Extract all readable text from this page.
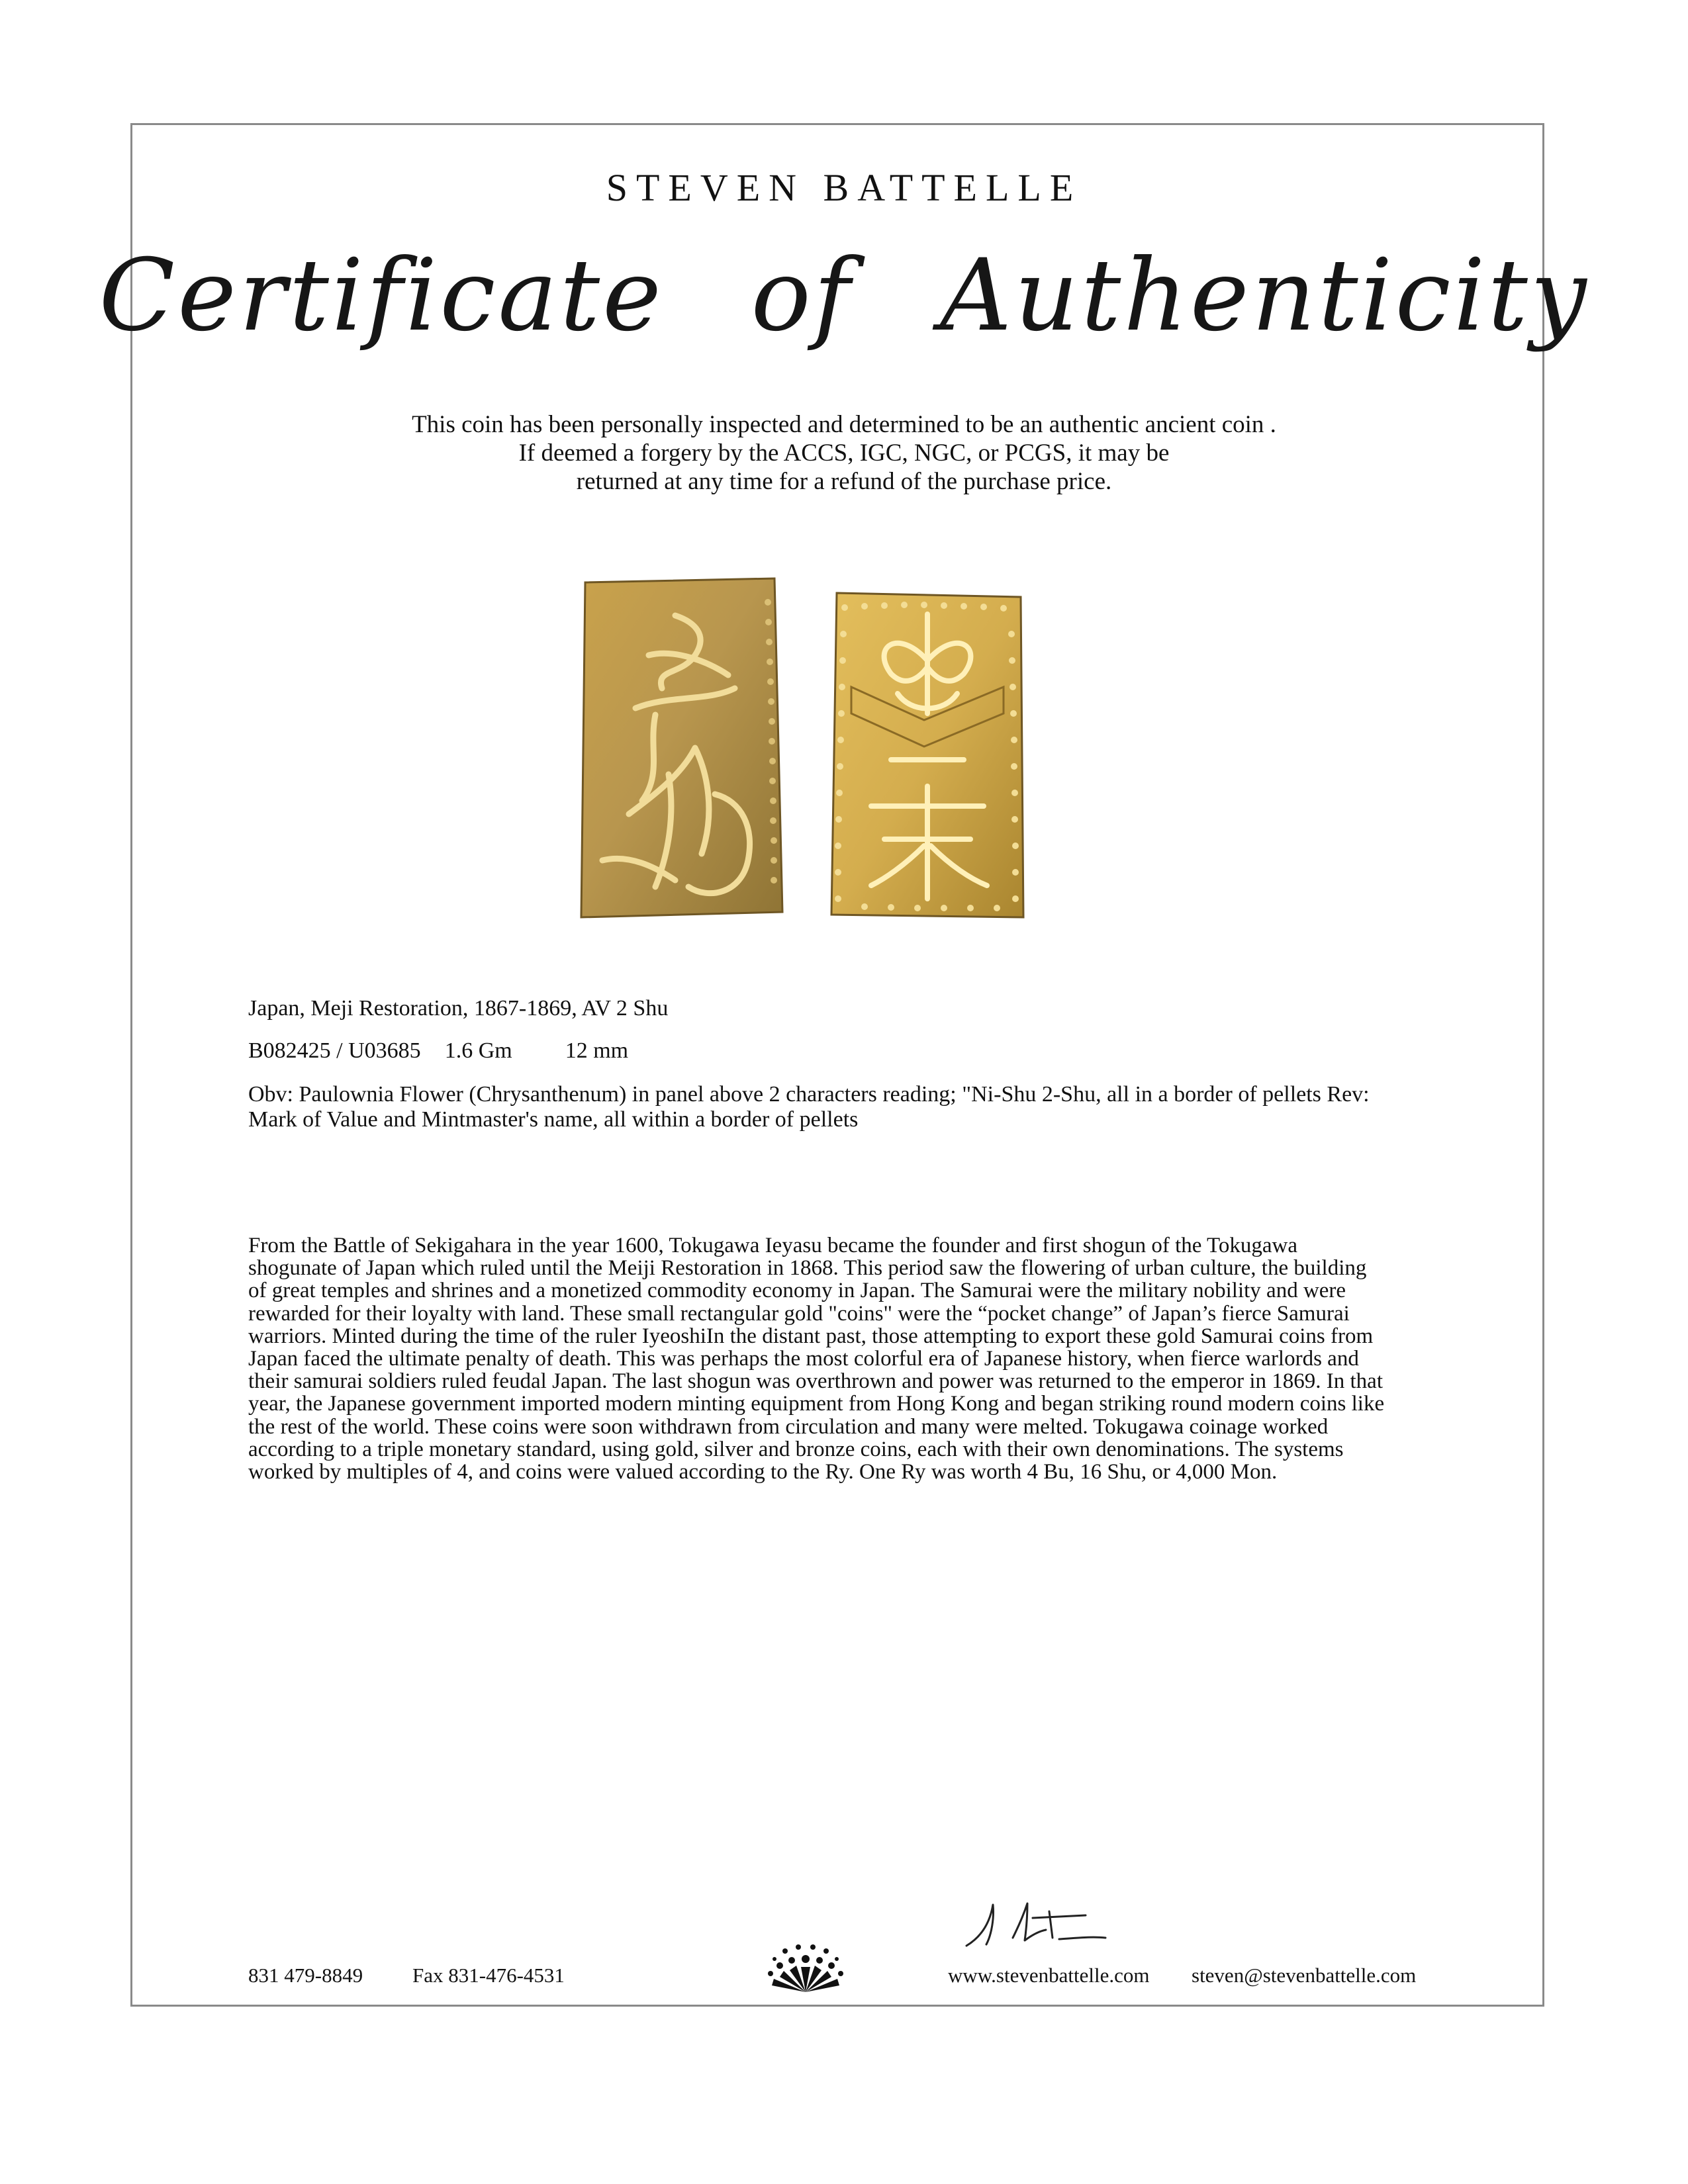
STEVEN BATTELLE
Certificate of Authenticity
This coin has been personally inspected and determined to be an authentic ancient coin .
If deemed a forgery by the ACCS, IGC, NGC, or PCGS, it may be
returned at any time for a refund of the purchase price.
Japan, Meji Restoration, 1867-1869, AV 2 Shu
B082425 / U03685 1.6 Gm 12 mm
Obv: Paulownia Flower (Chrysanthenum) in panel above 2 characters reading; "Ni-Shu 2-Shu, all in a border of pellets Rev: Mark of Value and Mintmaster's name, all within a border of pellets
From the Battle of Sekigahara in the year 1600, Tokugawa Ieyasu became the founder and first shogun of the Tokugawa shogunate of Japan which ruled until the Meiji Restoration in 1868. This period saw the flowering of urban culture, the building of great temples and shrines and a monetized commodity economy in Japan. The Samurai were the military nobility and were rewarded for their loyalty with land. These small rectangular gold "coins" were the “pocket change” of Japan’s fierce Samurai warriors. Minted during the time of the ruler IyeoshiIn the distant past, those attempting to export these gold Samurai coins from Japan faced the ultimate penalty of death. This was perhaps the most colorful era of Japanese history, when fierce warlords and their samurai soldiers ruled feudal Japan. The last shogun was overthrown and power was returned to the emperor in 1869. In that year, the Japanese government imported modern minting equipment from Hong Kong and began striking round modern coins like the rest of the world. These coins were soon withdrawn from circulation and many were melted. Tokugawa coinage worked according to a triple monetary standard, using gold, silver and bronze coins, each with their own denominations. The systems worked by multiples of 4, and coins were valued according to the Ry. One Ry was worth 4 Bu, 16 Shu, or 4,000 Mon.
831 479-8849 Fax 831-476-4531	www.stevenbattelle.com steven@stevenbattelle.com
